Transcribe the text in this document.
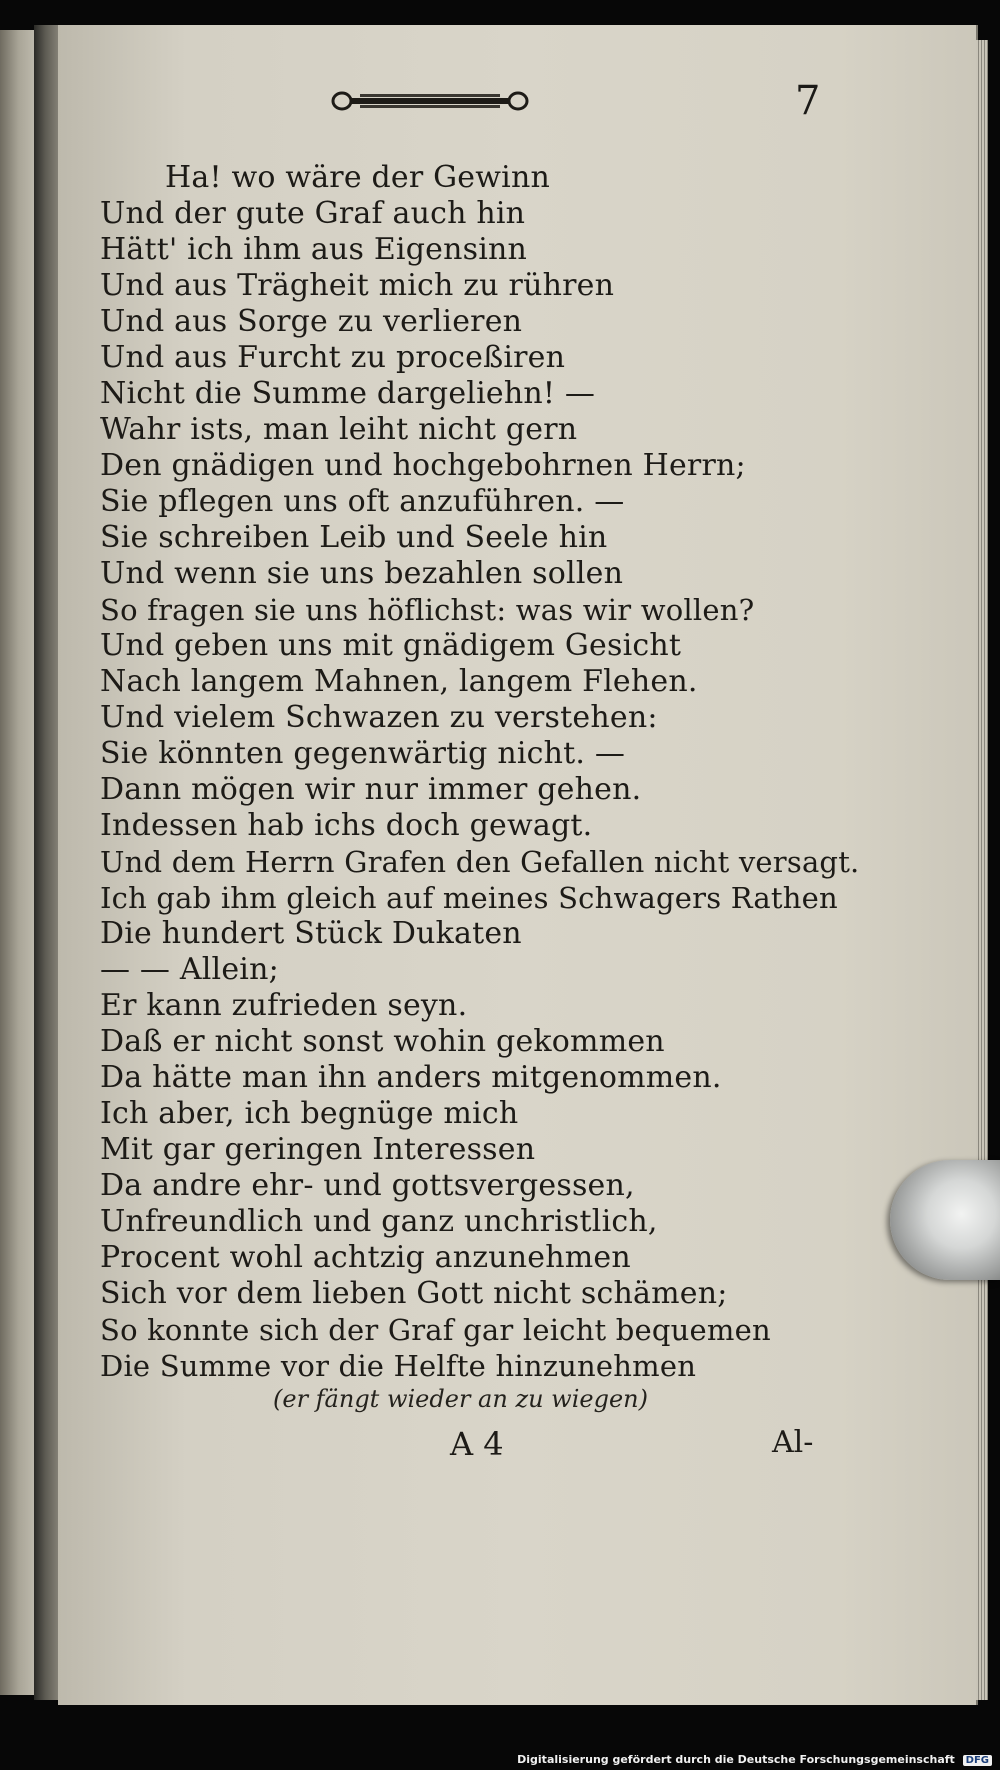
7
Ha! wo wäre der Gewinn
Und der gute Graf auch hin
Hätt' ich ihm aus Eigensinn
Und aus Trägheit mich zu rühren
Und aus Sorge zu verlieren
Und aus Furcht zu proceßiren
Nicht die Summe dargeliehn! —
Wahr ists, man leiht nicht gern
Den gnädigen und hochgebohrnen Herrn;
Sie pflegen uns oft anzuführen. —
Sie schreiben Leib und Seele hin
Und wenn sie uns bezahlen sollen
So fragen sie uns höflichst: was wir wollen?
Und geben uns mit gnädigem Gesicht
Nach langem Mahnen, langem Flehen.
Und vielem Schwazen zu verstehen:
Sie könnten gegenwärtig nicht. —
Dann mögen wir nur immer gehen.
Indessen hab ichs doch gewagt.
Und dem Herrn Grafen den Gefallen nicht versagt.
Ich gab ihm gleich auf meines Schwagers Rathen
Die hundert Stück Dukaten
— — Allein;
Er kann zufrieden seyn.
Daß er nicht sonst wohin gekommen
Da hätte man ihn anders mitgenommen.
Ich aber, ich begnüge mich
Mit gar geringen Interessen
Da andre ehr- und gottsvergessen,
Unfreundlich und ganz unchristlich,
Procent wohl achtzig anzunehmen
Sich vor dem lieben Gott nicht schämen;
So konnte sich der Graf gar leicht bequemen
Die Summe vor die Helfte hinzunehmen
(er fängt wieder an zu wiegen)
A 4	Al-
Digitalisierung gefördert durch die Deutsche Forschungsgemeinschaft DFG
